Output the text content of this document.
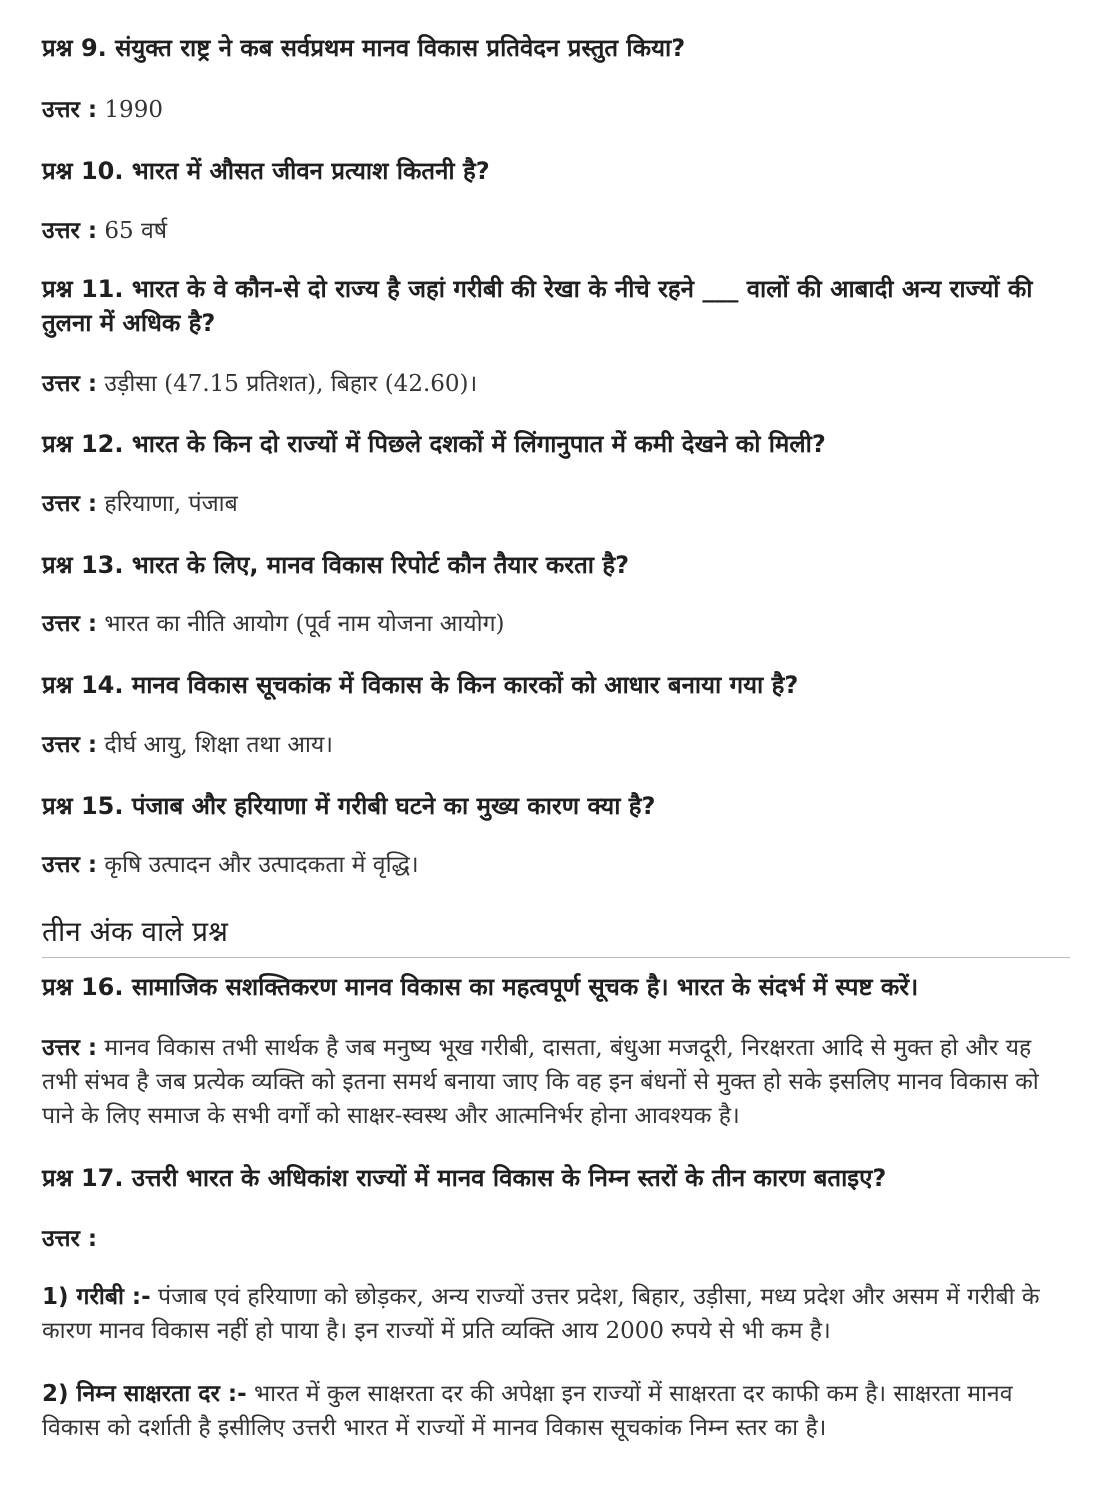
प्रश्न 9. संयुक्त राष्ट्र ने कब सर्वप्रथम मानव विकास प्रतिवेदन प्रस्तुत किया?

उत्तर : 1990

प्रश्न 10. भारत में औसत जीवन प्रत्याश कितनी है?

उत्तर : 65 वर्ष

प्रश्न 11. भारत के वे कौन-से दो राज्य है जहां गरीबी की रेखा के नीचे रहने ___ वालों की आबादी अन्य राज्यों की तुलना में अधिक है?

उत्तर : उड़ीसा (47.15 प्रतिशत), बिहार (42.60)।

प्रश्न 12. भारत के किन दो राज्यों में पिछले दशकों में लिंगानुपात में कमी देखने को मिली?

उत्तर : हरियाणा, पंजाब

प्रश्न 13. भारत के लिए, मानव विकास रिपोर्ट कौन तैयार करता है?

उत्तर : भारत का नीति आयोग (पूर्व नाम योजना आयोग)

प्रश्न 14. मानव विकास सूचकांक में विकास के किन कारकों को आधार बनाया गया है?

उत्तर : दीर्घ आयु, शिक्षा तथा आय।

प्रश्न 15. पंजाब और हरियाणा में गरीबी घटने का मुख्य कारण क्या है?

उत्तर : कृषि उत्पादन और उत्पादकता में वृद्धि।

तीन अंक वाले प्रश्न

प्रश्न 16. सामाजिक सशक्तिकरण मानव विकास का महत्वपूर्ण सूचक है। भारत के संदर्भ में स्पष्ट करें।

उत्तर : मानव विकास तभी सार्थक है जब मनुष्य भूख गरीबी, दासता, बंधुआ मजदूरी, निरक्षरता आदि से मुक्त हो और यह तभी संभव है जब प्रत्येक व्यक्ति को इतना समर्थ बनाया जाए कि वह इन बंधनों से मुक्त हो सके इसलिए मानव विकास को पाने के लिए समाज के सभी वर्गों को साक्षर-स्वस्थ और आत्मनिर्भर होना आवश्यक है।

प्रश्न 17. उत्तरी भारत के अधिकांश राज्यों में मानव विकास के निम्न स्तरों के तीन कारण बताइए?

उत्तर :

1) गरीबी :- पंजाब एवं हरियाणा को छोड़कर, अन्य राज्यों उत्तर प्रदेश, बिहार, उड़ीसा, मध्य प्रदेश और असम में गरीबी के कारण मानव विकास नहीं हो पाया है। इन राज्यों में प्रति व्यक्ति आय 2000 रुपये से भी कम है।

2) निम्न साक्षरता दर :- भारत में कुल साक्षरता दर की अपेक्षा इन राज्यों में साक्षरता दर काफी कम है। साक्षरता मानव विकास को दर्शाती है इसीलिए उत्तरी भारत में राज्यों में मानव विकास सूचकांक निम्न स्तर का है।
